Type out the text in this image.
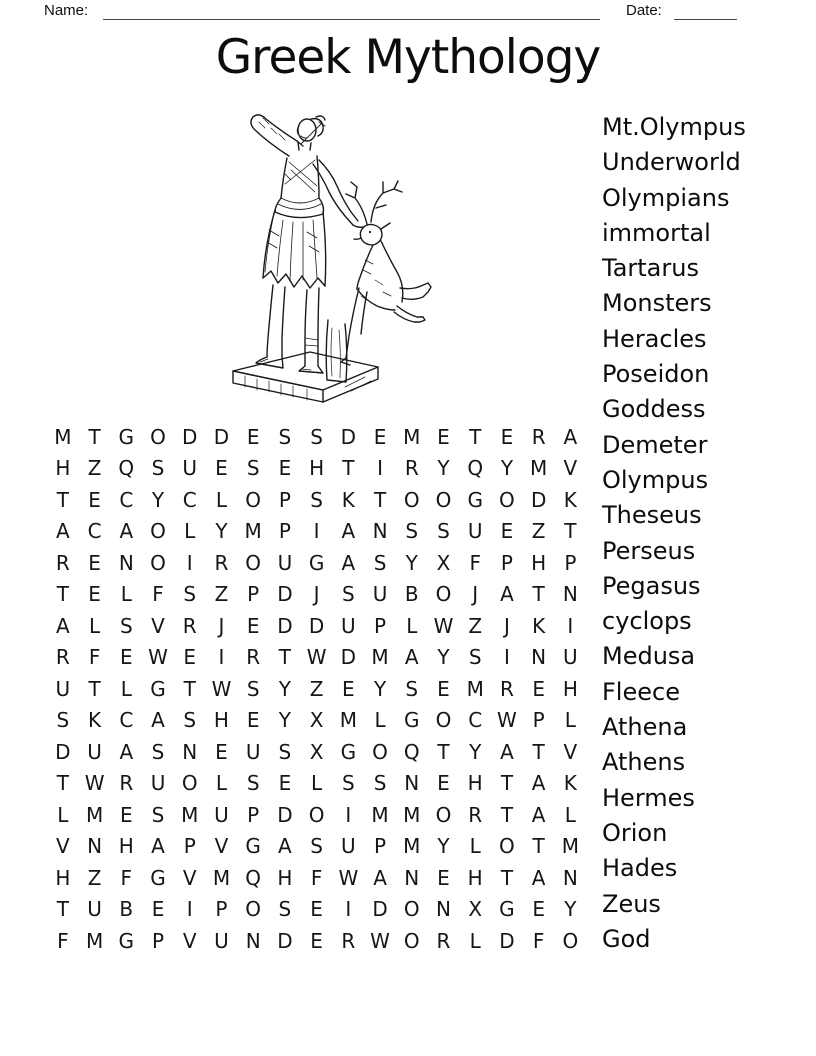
Name:	Date:
Greek Mythology
Mt.Olympus
Underworld
Olympians
immortal
Tartarus
Monsters
Heracles
Poseidon
Goddess
Demeter
Olympus
Theseus
Perseus
Pegasus
cyclops
Medusa
Fleece
Athena
Athens
Hermes
Orion
Hades
Zeus
God
M T G O D D E S S D E M E T E R A
H Z Q S U E S E H T	I	R Y Q Y M V
T E C Y C L O P S K T O O G O D K
A C A O L	Y M P	I	A N S S U E Z T
R E N O	I	R O U G A S Y X F P H P
T E L	F S Z P D	J	S U B O	J	A T N
A L S V R	J	E D D U P	L W Z	J	K	I
R F E W E	I	R T W D M A Y S	I	N U
U T	L G T W S Y Z E Y S E M R E H
S K C A S H E Y X M L G O C W P	L
D U A S N E U S X G O Q T Y A T V
T W R U O L S E L S S N E H T A K
L M E S M U P D O	I	M M O R T A L
V N H A P V G A S U P M Y	L O T M
H Z F G V M Q H F W A N E H T A N
T U B E	I	P O S E	I	D O N X G E Y
F M G P V U N D E R W O R L D F O
